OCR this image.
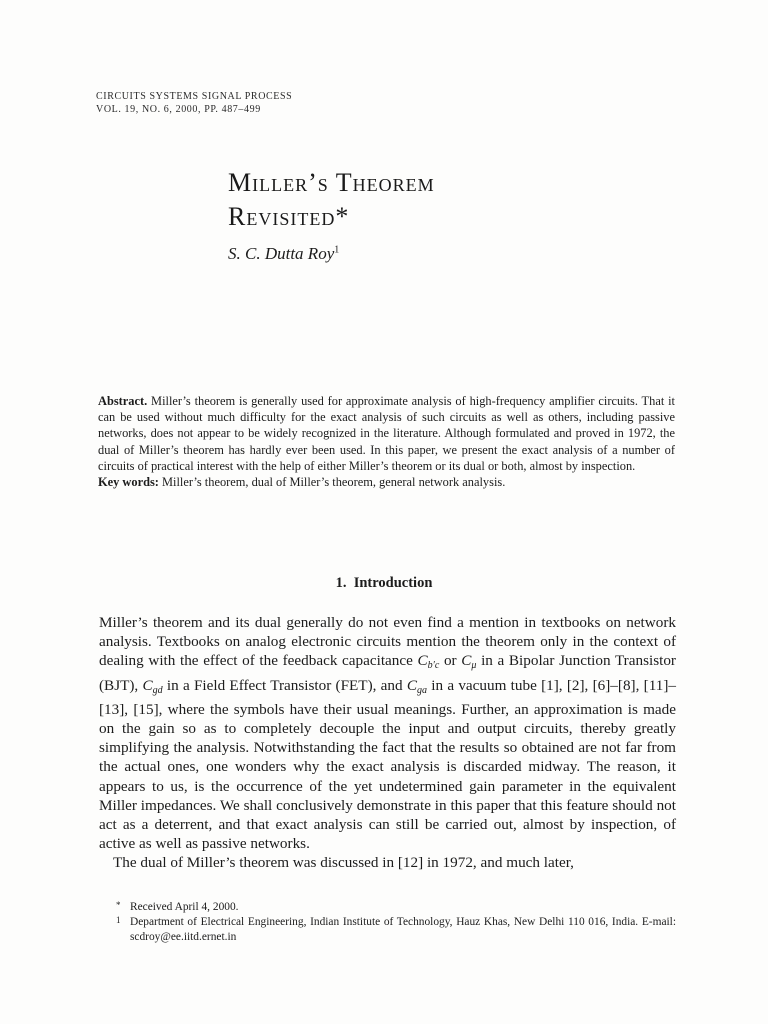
CIRCUITS SYSTEMS SIGNAL PROCESS
VOL. 19, NO. 6, 2000, PP. 487–499
Miller’s Theorem
Revisited*
S. C. Dutta Roy$^1$

Abstract. Miller’s theorem is generally used for approximate analysis of high-frequency amplifier circuits. That it can be used without much difficulty for the exact analysis of such circuits as well as others, including passive networks, does not appear to be widely recognized in the literature. Although formulated and proved in 1972, the dual of Miller’s theorem has hardly ever been used. In this paper, we present the exact analysis of a number of circuits of practical interest with the help of either Miller’s theorem or its dual or both, almost by inspection.

Key words: Miller’s theorem, dual of Miller’s theorem, general network analysis.

1. Introduction

Miller’s theorem and its dual generally do not even find a mention in textbooks on network analysis. Textbooks on analog electronic circuits mention the theorem only in the context of dealing with the effect of the feedback capacitance $C_{b'c}$ or $C_\mu$ in a Bipolar Junction Transistor (BJT), $C_{gd}$ in a Field Effect Transistor (FET), and $C_{ga}$ in a vacuum tube [1], [2], [6]–[8], [11]–[13], [15], where the symbols have their usual meanings. Further, an approximation is made on the gain so as to completely decouple the input and output circuits, thereby greatly simplifying the analysis. Notwithstanding the fact that the results so obtained are not far from the actual ones, one wonders why the exact analysis is discarded midway. The reason, it appears to us, is the occurrence of the yet undetermined gain parameter in the equivalent Miller impedances. We shall conclusively demonstrate in this paper that this feature should not act as a deterrent, and that exact analysis can still be carried out, almost by inspection, of active as well as passive networks.

The dual of Miller’s theorem was discussed in [12] in 1972, and much later,

* Received April 4, 2000.
1 Department of Electrical Engineering, Indian Institute of Technology, Hauz Khas, New Delhi 110 016, India. E-mail: scdroy@ee.iitd.ernet.in
